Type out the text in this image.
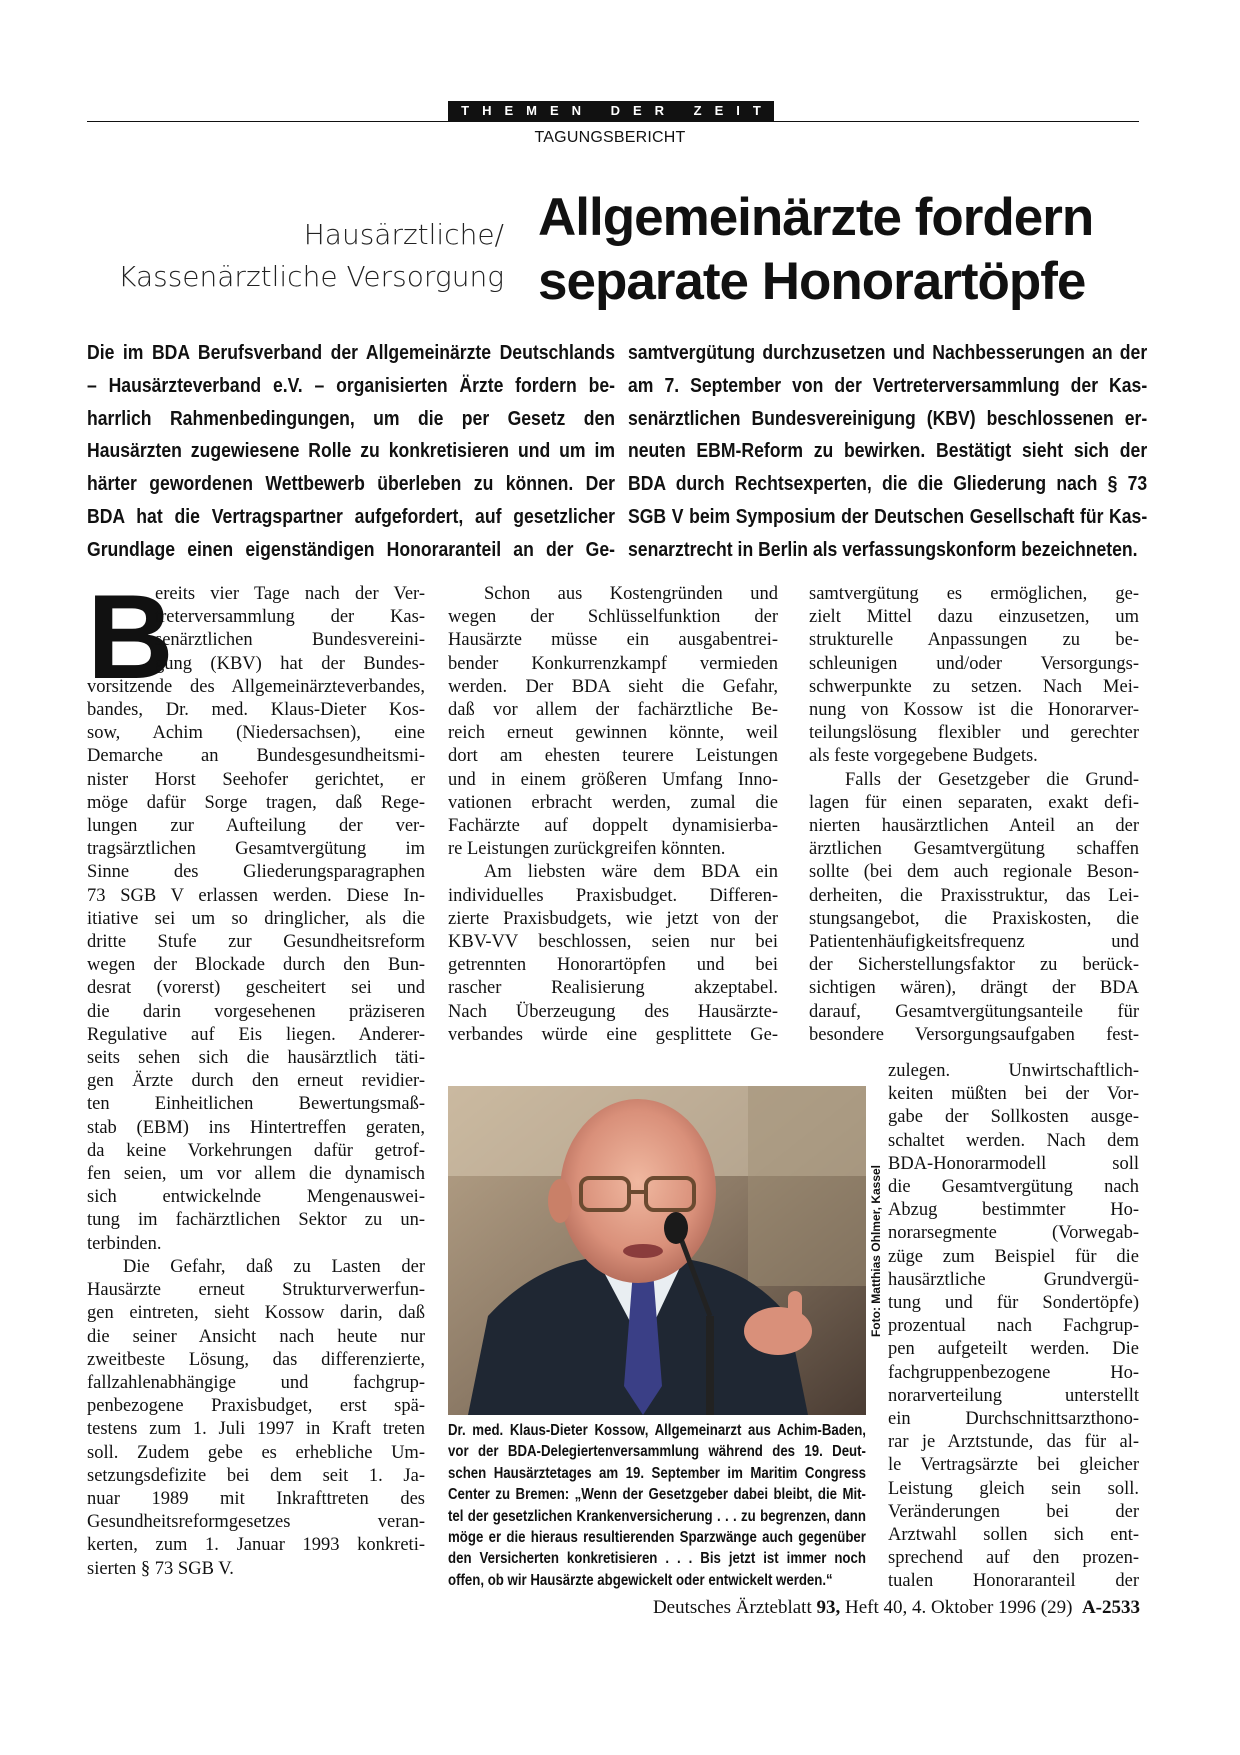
THEMEN DER ZEIT
TAGUNGSBERICHT
Hausärztliche/
Kassenärztliche Versorgung
Allgemeinärzte fordern
separate Honorartöpfe
Die im BDA Berufsverband der Allgemeinärzte Deutschlands
– Hausärzteverband e.V. – organisierten Ärzte fordern be-
harrlich Rahmenbedingungen, um die per Gesetz den
Hausärzten zugewiesene Rolle zu konkretisieren und um im
härter gewordenen Wettbewerb überleben zu können. Der
BDA hat die Vertragspartner aufgefordert, auf gesetzlicher
Grundlage einen eigenständigen Honoraranteil an der Ge-
samtvergütung durchzusetzen und Nachbesserungen an der
am 7. September von der Vertreterversammlung der Kas-
senärztlichen Bundesvereinigung (KBV) beschlossenen er-
neuten EBM-Reform zu bewirken. Bestätigt sieht sich der
BDA durch Rechtsexperten, die die Gliederung nach § 73
SGB V beim Symposium der Deutschen Gesellschaft für Kas-
senarztrecht in Berlin als verfassungskonform bezeichneten.
B
ereits vier Tage nach der Ver-
treterversammlung der Kas-
senärztlichen Bundesvereini-
gung (KBV) hat der Bundes-
vorsitzende des Allgemeinärzteverbandes,
bandes, Dr. med. Klaus-Dieter Kos-
sow, Achim (Niedersachsen), eine
Demarche an Bundesgesundheitsmi-
nister Horst Seehofer gerichtet, er
möge dafür Sorge tragen, daß Rege-
lungen zur Aufteilung der ver-
tragsärztlichen Gesamtvergütung im
Sinne des Gliederungsparagraphen
73 SGB V erlassen werden. Diese In-
itiative sei um so dringlicher, als die
dritte Stufe zur Gesundheitsreform
wegen der Blockade durch den Bun-
desrat (vorerst) gescheitert sei und
die darin vorgesehenen präziseren
Regulative auf Eis liegen. Anderer-
seits sehen sich die hausärztlich täti-
gen Ärzte durch den erneut revidier-
ten Einheitlichen Bewertungsmaß-
stab (EBM) ins Hintertreffen geraten,
da keine Vorkehrungen dafür getrof-
fen seien, um vor allem die dynamisch
sich entwickelnde Mengenauswei-
tung im fachärztlichen Sektor zu un-
terbinden.
Die Gefahr, daß zu Lasten der
Hausärzte erneut Strukturverwerfun-
gen eintreten, sieht Kossow darin, daß
die seiner Ansicht nach heute nur
zweitbeste Lösung, das differenzierte,
fallzahlenabhängige und fachgrup-
penbezogene Praxisbudget, erst spä-
testens zum 1. Juli 1997 in Kraft treten
soll. Zudem gebe es erhebliche Um-
setzungsdefizite bei dem seit 1. Ja-
nuar 1989 mit Inkrafttreten des
Gesundheitsreformgesetzes veran-
kerten, zum 1. Januar 1993 konkreti-
sierten § 73 SGB V.
Schon aus Kostengründen und
wegen der Schlüsselfunktion der
Hausärzte müsse ein ausgabentrei-
bender Konkurrenzkampf vermieden
werden. Der BDA sieht die Gefahr,
daß vor allem der fachärztliche Be-
reich erneut gewinnen könnte, weil
dort am ehesten teurere Leistungen
und in einem größeren Umfang Inno-
vationen erbracht werden, zumal die
Fachärzte auf doppelt dynamisierba-
re Leistungen zurückgreifen könnten.
Am liebsten wäre dem BDA ein
individuelles Praxisbudget. Differen-
zierte Praxisbudgets, wie jetzt von der
KBV-VV beschlossen, seien nur bei
getrennten Honorartöpfen und bei
rascher Realisierung akzeptabel.
Nach Überzeugung des Hausärzte-
verbandes würde eine gesplittete Ge-
samtvergütung es ermöglichen, ge-
zielt Mittel dazu einzusetzen, um
strukturelle Anpassungen zu be-
schleunigen und/oder Versorgungs-
schwerpunkte zu setzen. Nach Mei-
nung von Kossow ist die Honorarver-
teilungslösung flexibler und gerechter
als feste vorgegebene Budgets.
Falls der Gesetzgeber die Grund-
lagen für einen separaten, exakt defi-
nierten hausärztlichen Anteil an der
ärztlichen Gesamtvergütung schaffen
sollte (bei dem auch regionale Beson-
derheiten, die Praxisstruktur, das Lei-
stungsangebot, die Praxiskosten, die
Patientenhäufigkeitsfrequenz und
der Sicherstellungsfaktor zu berück-
sichtigen wären), drängt der BDA
darauf, Gesamtvergütungsanteile für
besondere Versorgungsaufgaben fest-
zulegen. Unwirtschaftlich-
keiten müßten bei der Vor-
gabe der Sollkosten ausge-
schaltet werden. Nach dem
BDA-Honorarmodell soll
die Gesamtvergütung nach
Abzug bestimmter Ho-
norarsegmente (Vorwegab-
züge zum Beispiel für die
hausärztliche Grundvergü-
tung und für Sondertöpfe)
prozentual nach Fachgrup-
pen aufgeteilt werden. Die
fachgruppenbezogene Ho-
norarverteilung unterstellt
ein Durchschnittsarzthono-
rar je Arztstunde, das für al-
le Vertragsärzte bei gleicher
Leistung gleich sein soll.
Veränderungen bei der
Arztwahl sollen sich ent-
sprechend auf den prozen-
tualen Honoraranteil der
Foto: Matthias Ohlmer, Kassel
Dr. med. Klaus-Dieter Kossow, Allgemeinarzt aus Achim-Baden,
vor der BDA-Delegiertenversammlung während des 19. Deut-
schen Hausärztetages am 19. September im Maritim Congress
Center zu Bremen: „Wenn der Gesetzgeber dabei bleibt, die Mit-
tel der gesetzlichen Krankenversicherung . . . zu begrenzen, dann
möge er die hieraus resultierenden Sparzwänge auch gegenüber
den Versicherten konkretisieren . . . Bis jetzt ist immer noch
offen, ob wir Hausärzte abgewickelt oder entwickelt werden.“
Deutsches Ärzteblatt 93, Heft 40, 4. Oktober 1996 (29) A-2533
